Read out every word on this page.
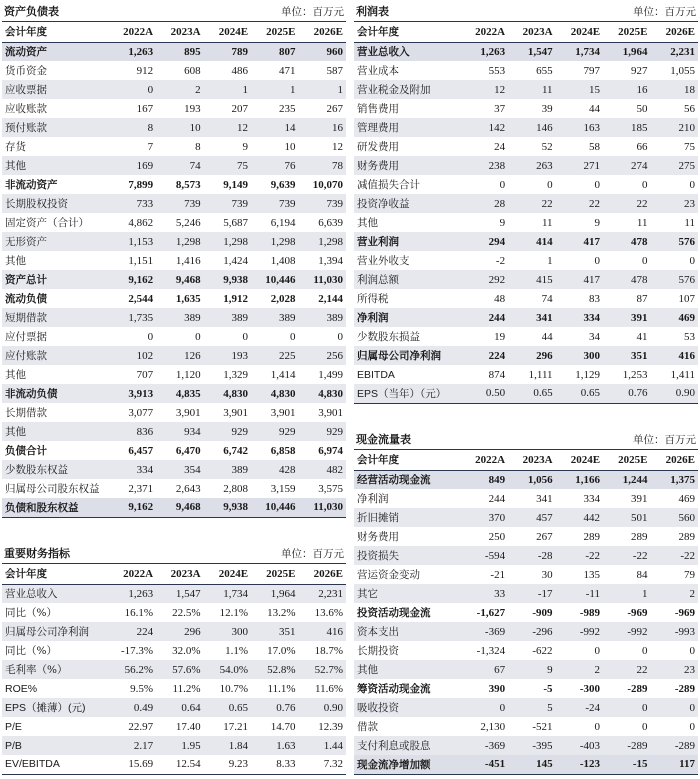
资产负债表	单位：百万元
会计年度	2022A	2023A	2024E	2025E	2026E
流动资产	1,263	895	789	807	960
货币资金	912	608	486	471	587
应收票据	0	2	1	1	1
应收账款	167	193	207	235	267
预付账款	8	10	12	14	16
存货	7	8	9	10	12
其他	169	74	75	76	78
非流动资产	7,899	8,573	9,149	9,639	10,070
长期股权投资	733	739	739	739	739
固定资产（合计）	4,862	5,246	5,687	6,194	6,639
无形资产	1,153	1,298	1,298	1,298	1,298
其他	1,151	1,416	1,424	1,408	1,394
资产总计	9,162	9,468	9,938	10,446	11,030
流动负债	2,544	1,635	1,912	2,028	2,144
短期借款	1,735	389	389	389	389
应付票据	0	0	0	0	0
应付账款	102	126	193	225	256
其他	707	1,120	1,329	1,414	1,499
非流动负债	3,913	4,835	4,830	4,830	4,830
长期借款	3,077	3,901	3,901	3,901	3,901
其他	836	934	929	929	929
负债合计	6,457	6,470	6,742	6,858	6,974
少数股东权益	334	354	389	428	482
归属母公司股东权益	2,371	2,643	2,808	3,159	3,575
负债和股东权益	9,162	9,468	9,938	10,446	11,030
利润表	单位：百万元
会计年度	2022A	2023A	2024E	2025E	2026E
营业总收入	1,263	1,547	1,734	1,964	2,231
营业成本	553	655	797	927	1,055
营业税金及附加	12	11	15	16	18
销售费用	37	39	44	50	56
管理费用	142	146	163	185	210
研发费用	24	52	58	66	75
财务费用	238	263	271	274	275
减值损失合计	0	0	0	0	0
投资净收益	28	22	22	22	23
其他	9	11	9	11	11
营业利润	294	414	417	478	576
营业外收支	-2	1	0	0	0
利润总额	292	415	417	478	576
所得税	48	74	83	87	107
净利润	244	341	334	391	469
少数股东损益	19	44	34	41	53
归属母公司净利润	224	296	300	351	416
EBITDA	874	1,111	1,129	1,253	1,411
EPS（当年）（元）	0.50	0.65	0.65	0.76	0.90
重要财务指标	单位：百万元
会计年度	2022A	2023A	2024E	2025E	2026E
营业总收入	1,263	1,547	1,734	1,964	2,231
同比（%）	16.1%	22.5%	12.1%	13.2%	13.6%
归属母公司净利润	224	296	300	351	416
同比（%）	-17.3%	32.0%	1.1%	17.0%	18.7%
毛利率（%）	56.2%	57.6%	54.0%	52.8%	52.7%
ROE%	9.5%	11.2%	10.7%	11.1%	11.6%
EPS（摊薄）(元)	0.49	0.64	0.65	0.76	0.90
P/E	22.97	17.40	17.21	14.70	12.39
P/B	2.17	1.95	1.84	1.63	1.44
EV/EBITDA	15.69	12.54	9.23	8.33	7.32
现金流量表	单位：百万元
会计年度	2022A	2023A	2024E	2025E	2026E
经营活动现金流	849	1,056	1,166	1,244	1,375
净利润	244	341	334	391	469
折旧摊销	370	457	442	501	560
财务费用	250	267	289	289	289
投资损失	-594	-28	-22	-22	-22
营运资金变动	-21	30	135	84	79
其它	33	-17	-11	1	2
投资活动现金流	-1,627	-909	-989	-969	-969
资本支出	-369	-296	-992	-992	-993
长期投资	-1,324	-622	0	0	0
其他	67	9	2	22	23
筹资活动现金流	390	-5	-300	-289	-289
吸收投资	0	5	-24	0	0
借款	2,130	-521	0	0	0
支付利息或股息	-369	-395	-403	-289	-289
现金流净增加额	-451	145	-123	-15	117
